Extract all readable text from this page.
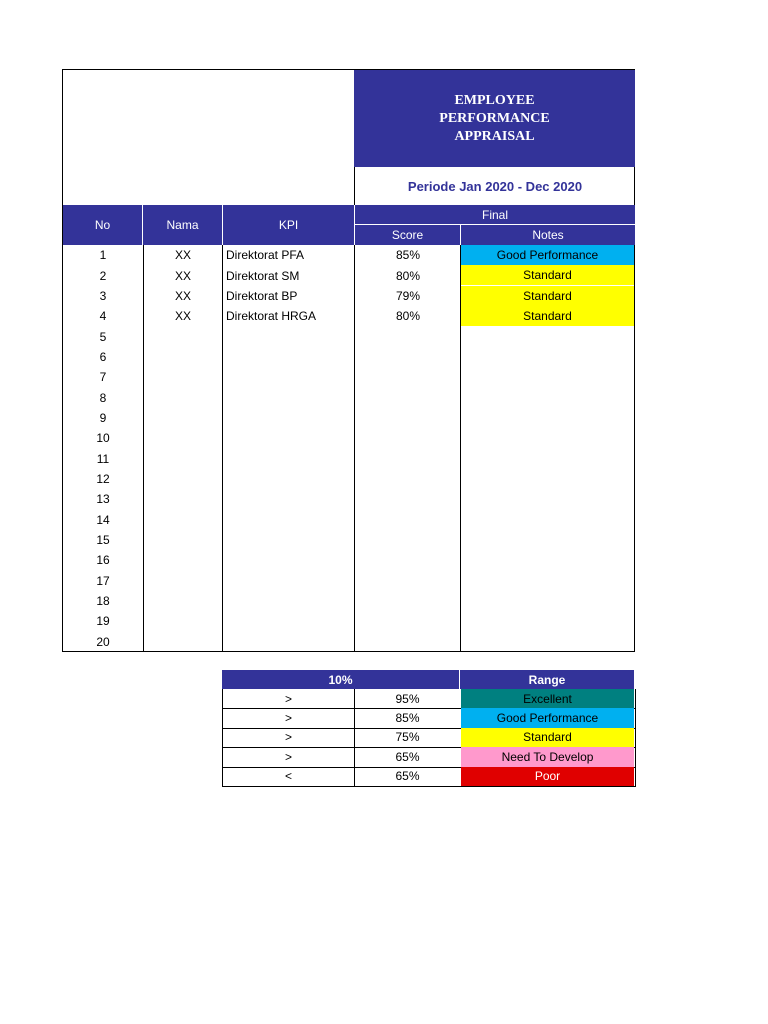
EMPLOYEE
PERFORMANCE
APPRAISAL
Periode Jan 2020 - Dec 2020
No	Nama	KPI
Final
Score	Notes
1	XX	Direktorat PFA	85%	Good Performance
2	XX	Direktorat SM	80%	Standard
3	XX	Direktorat BP	79%	Standard
4	XX	Direktorat HRGA	80%	Standard
5
6
7
8
9
10
11
12
13
14
15
16
17
18
19
20
10%	Range
>	95%	Excellent
>	85%	Good Performance
>	75%	Standard
>	65%	Need To Develop
<	65%	Poor
